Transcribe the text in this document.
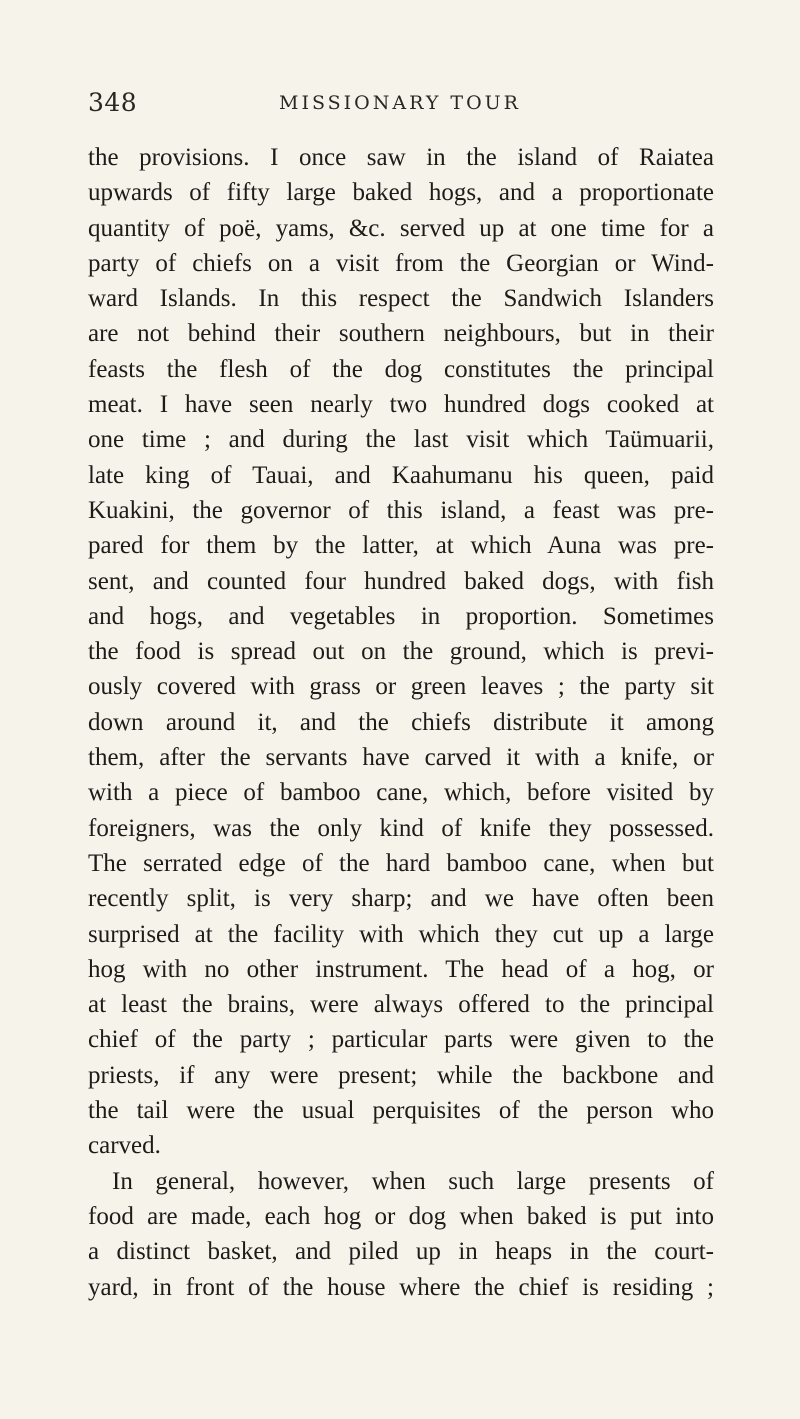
348	MISSIONARY TOUR
the provisions. I once saw in the island of Raiatea
upwards of fifty large baked hogs, and a proportionate
quantity of poë, yams, &c. served up at one time for a
party of chiefs on a visit from the Georgian or Wind-
ward Islands. In this respect the Sandwich Islanders
are not behind their southern neighbours, but in their
feasts the flesh of the dog constitutes the principal
meat. I have seen nearly two hundred dogs cooked at
one time ; and during the last visit which Taümuarii,
late king of Tauai, and Kaahumanu his queen, paid
Kuakini, the governor of this island, a feast was pre-
pared for them by the latter, at which Auna was pre-
sent, and counted four hundred baked dogs, with fish
and hogs, and vegetables in proportion. Sometimes
the food is spread out on the ground, which is previ-
ously covered with grass or green leaves ; the party sit
down around it, and the chiefs distribute it among
them, after the servants have carved it with a knife, or
with a piece of bamboo cane, which, before visited by
foreigners, was the only kind of knife they possessed.
The serrated edge of the hard bamboo cane, when but
recently split, is very sharp; and we have often been
surprised at the facility with which they cut up a large
hog with no other instrument. The head of a hog, or
at least the brains, were always offered to the principal
chief of the party ; particular parts were given to the
priests, if any were present; while the backbone and
the tail were the usual perquisites of the person who
carved.
In general, however, when such large presents of
food are made, each hog or dog when baked is put into
a distinct basket, and piled up in heaps in the court-
yard, in front of the house where the chief is residing ;
